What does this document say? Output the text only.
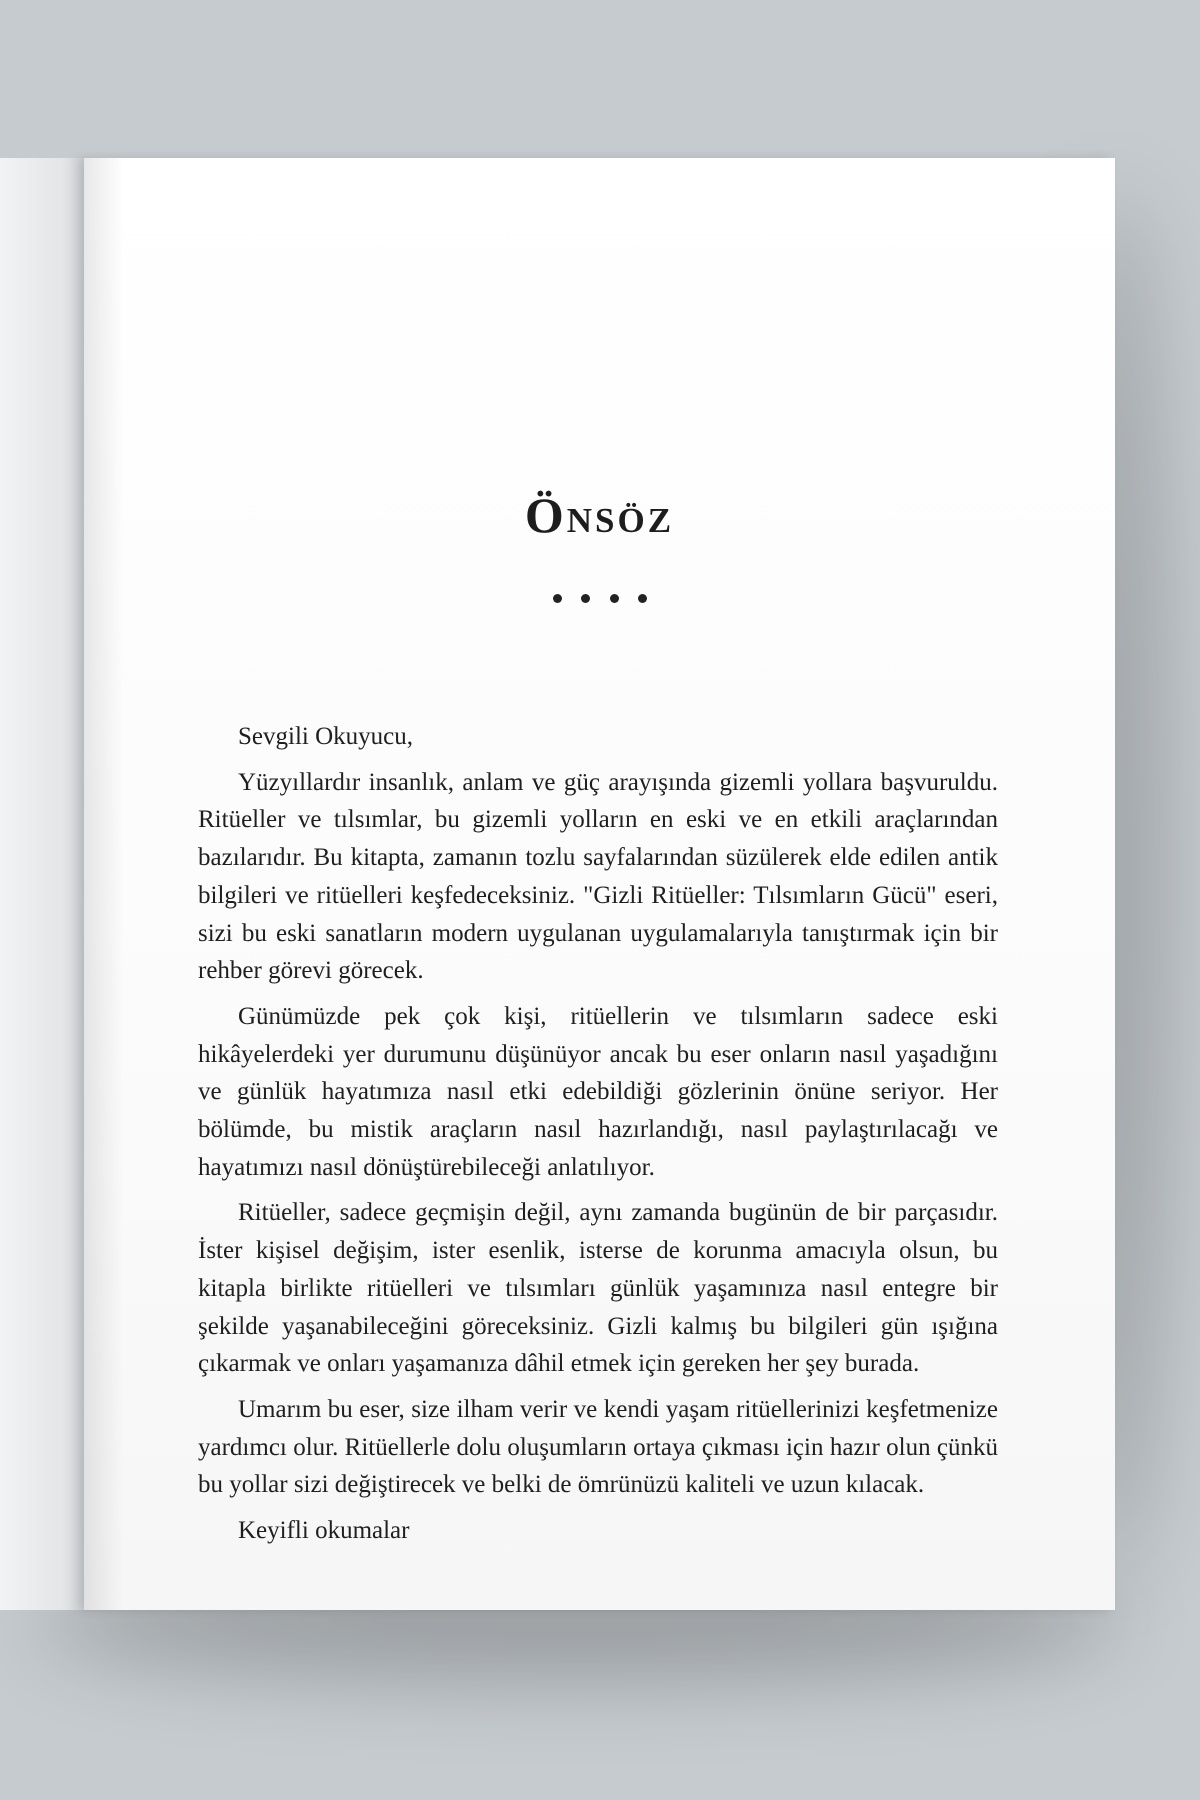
Önsöz

Sevgili Okuyucu,

Yüzyıllardır insanlık, anlam ve güç arayışında gizemli yollara başvuruldu. Ritüeller ve tılsımlar, bu gizemli yolların en eski ve en etkili araçlarından bazılarıdır. Bu kitapta, zamanın tozlu sayfalarından süzülerek elde edilen antik bilgileri ve ritüelleri keşfedeceksiniz. "Gizli Ritüeller: Tılsımların Gücü" eseri, sizi bu eski sanatların modern uygulanan uygulamalarıyla tanıştırmak için bir rehber görevi görecek.

Günümüzde pek çok kişi, ritüellerin ve tılsımların sadece eski hikâyelerdeki yer durumunu düşünüyor ancak bu eser onların nasıl yaşadığını ve günlük hayatımıza nasıl etki edebildiği gözlerinin önüne seriyor. Her bölümde, bu mistik araçların nasıl hazırlandığı, nasıl paylaştırılacağı ve hayatımızı nasıl dönüştürebileceği anlatılıyor.

Ritüeller, sadece geçmişin değil, aynı zamanda bugünün de bir parçasıdır. İster kişisel değişim, ister esenlik, isterse de korunma amacıyla olsun, bu kitapla birlikte ritüelleri ve tılsımları günlük yaşamınıza nasıl entegre bir şekilde yaşanabileceğini göreceksiniz. Gizli kalmış bu bilgileri gün ışığına çıkarmak ve onları yaşamanıza dâhil etmek için gereken her şey burada.

Umarım bu eser, size ilham verir ve kendi yaşam ritüellerinizi keşfetmenize yardımcı olur. Ritüellerle dolu oluşumların ortaya çıkması için hazır olun çünkü bu yollar sizi değiştirecek ve belki de ömrünüzü kaliteli ve uzun kılacak.

Keyifli okumalar
